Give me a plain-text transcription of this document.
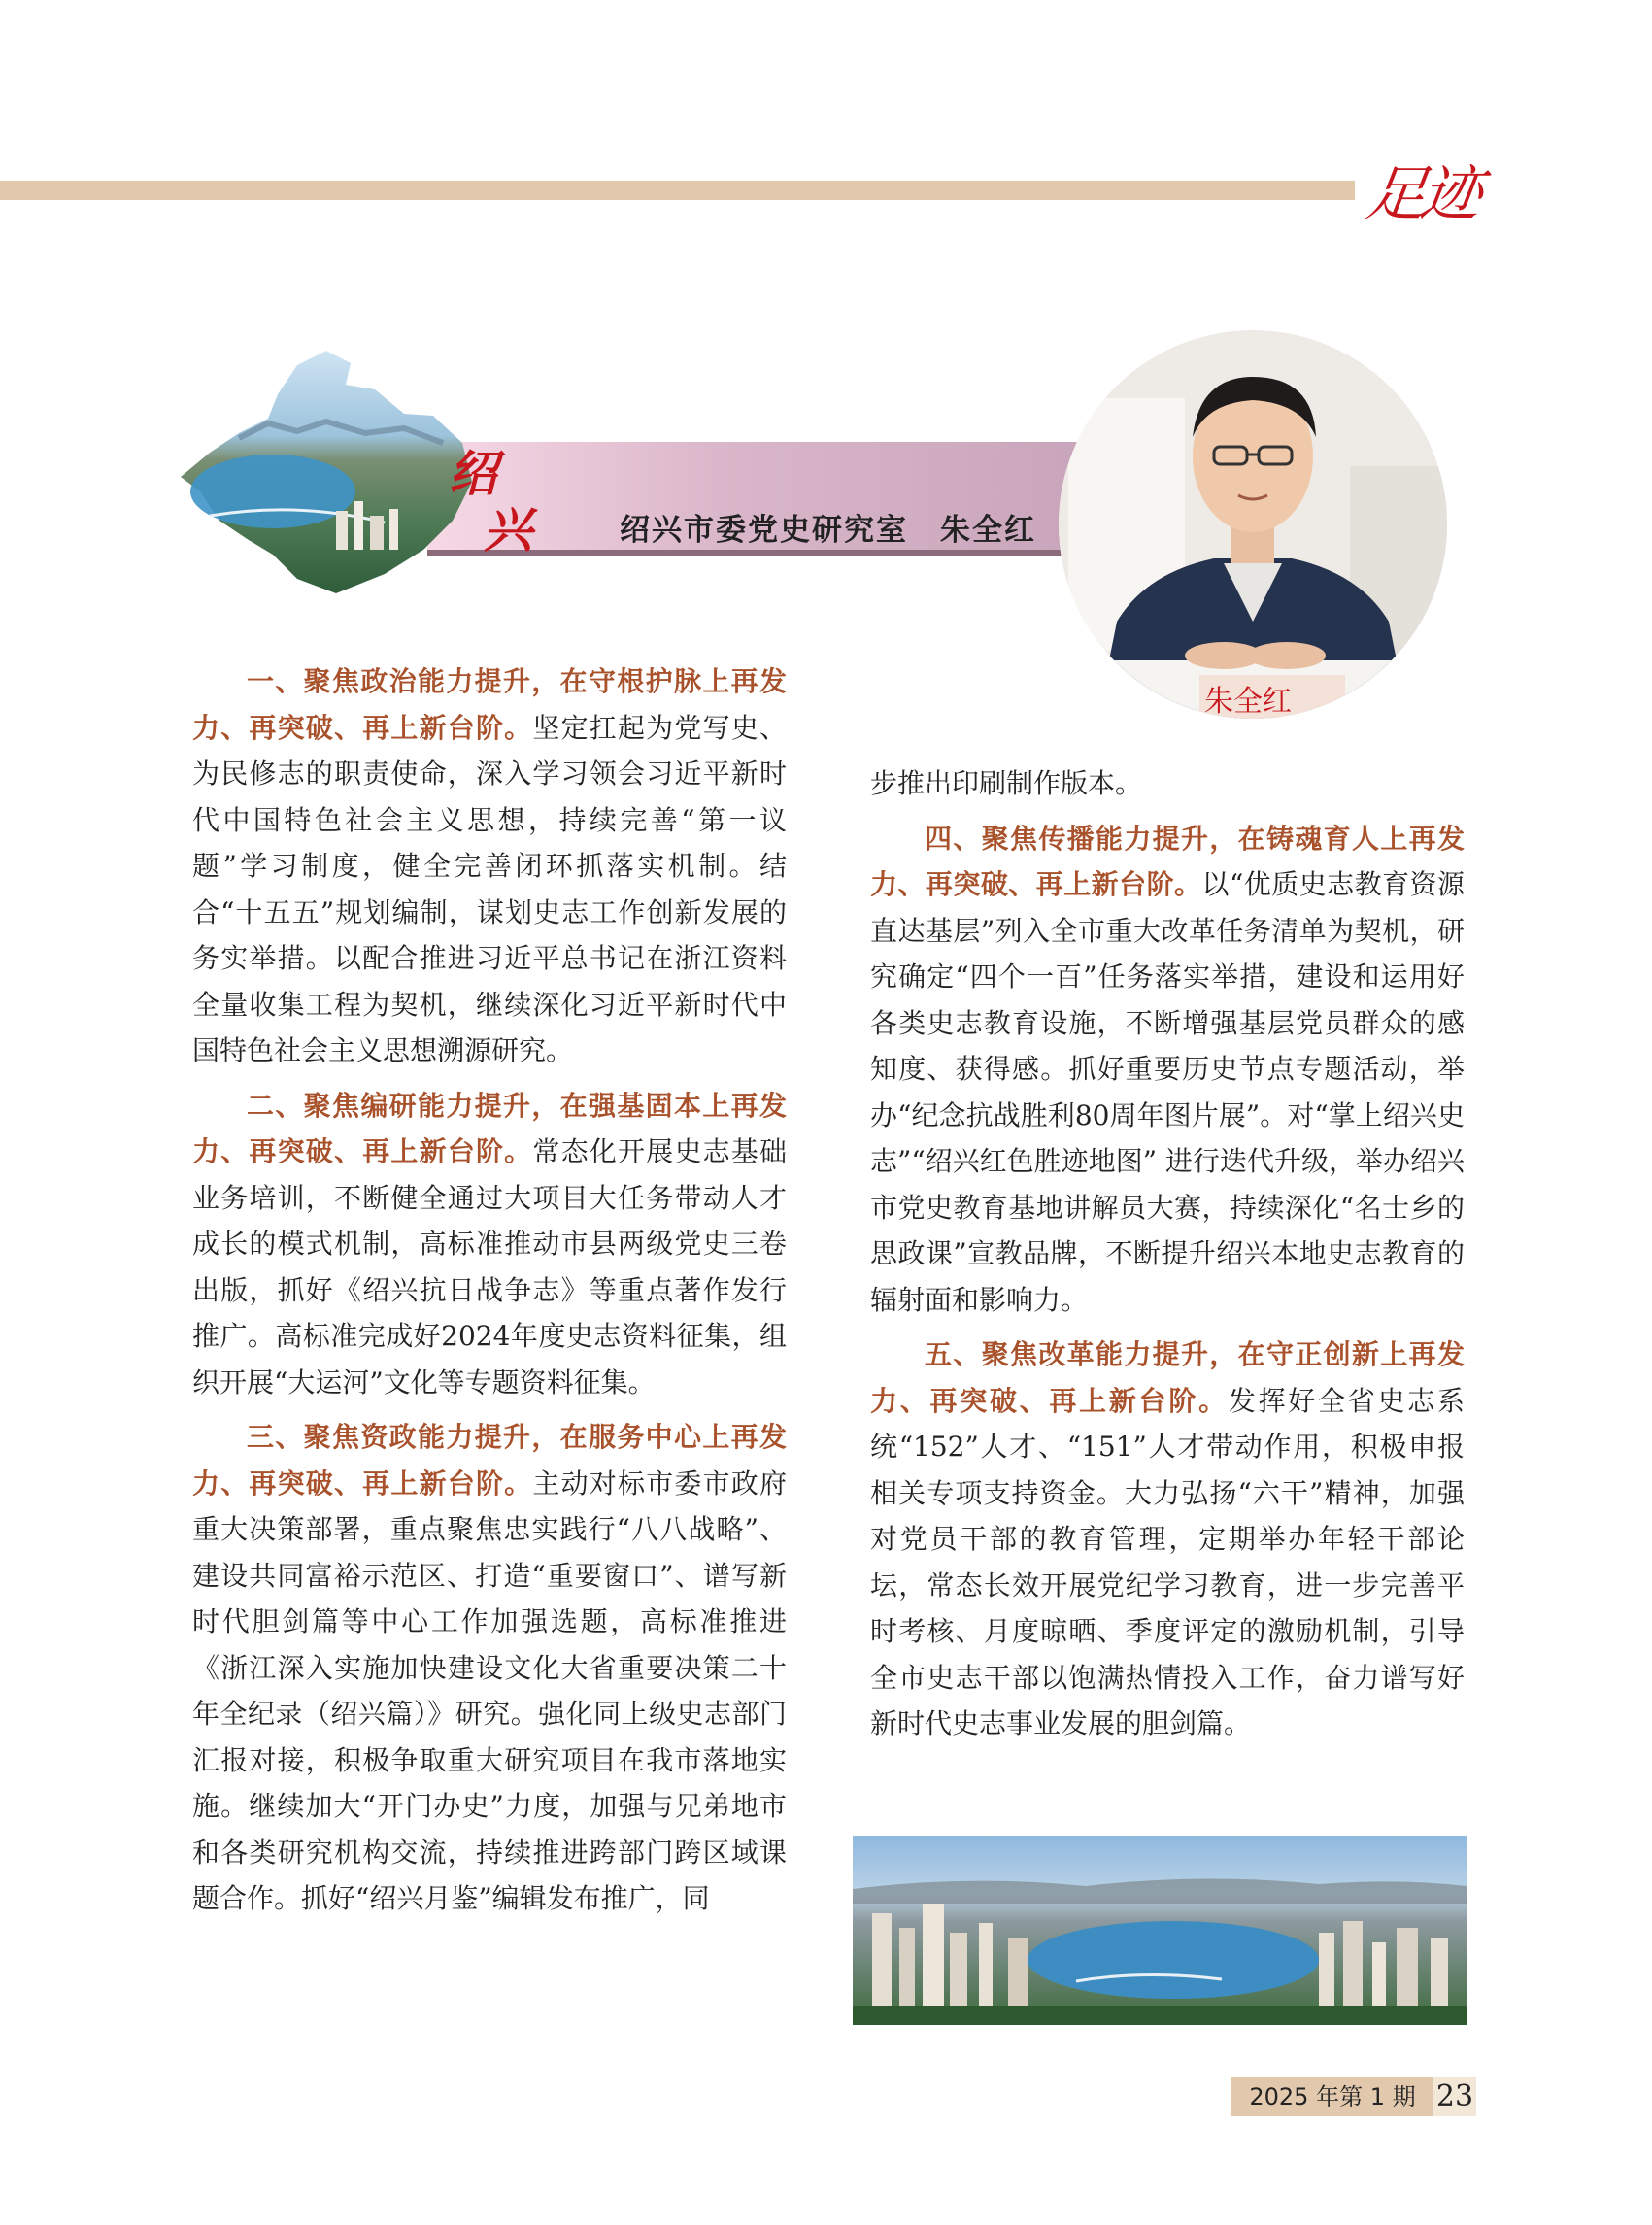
足迹
绍
兴	绍兴市委党史研究室　朱全红
朱全红

一、聚焦政治能力提升，在守根护脉上再发力、再突破、再上新台阶。坚定扛起为党写史、为民修志的职责使命，深入学习领会习近平新时代中国特色社会主义思想，持续完善“第一议题”学习制度，健全完善闭环抓落实机制。结合“十五五”规划编制，谋划史志工作创新发展的务实举措。以配合推进习近平总书记在浙江资料全量收集工程为契机，继续深化习近平新时代中国特色社会主义思想溯源研究。

二、聚焦编研能力提升，在强基固本上再发力、再突破、再上新台阶。常态化开展史志基础业务培训，不断健全通过大项目大任务带动人才成长的模式机制，高标准推动市县两级党史三卷出版，抓好《绍兴抗日战争志》等重点著作发行推广。高标准完成好2024年度史志资料征集，组织开展“大运河”文化等专题资料征集。

三、聚焦资政能力提升，在服务中心上再发力、再突破、再上新台阶。主动对标市委市政府重大决策部署，重点聚焦忠实践行“八八战略”、建设共同富裕示范区、打造“重要窗口”、谱写新时代胆剑篇等中心工作加强选题，高标准推进《浙江深入实施加快建设文化大省重要决策二十年全纪录（绍兴篇）》研究。强化同上级史志部门汇报对接，积极争取重大研究项目在我市落地实施。继续加大“开门办史”力度，加强与兄弟地市和各类研究机构交流，持续推进跨部门跨区域课题合作。抓好“绍兴月鉴”编辑发布推广，同

步推出印刷制作版本。

四、聚焦传播能力提升，在铸魂育人上再发力、再突破、再上新台阶。以“优质史志教育资源直达基层”列入全市重大改革任务清单为契机，研究确定“四个一百”任务落实举措，建设和运用好各类史志教育设施，不断增强基层党员群众的感知度、获得感。抓好重要历史节点专题活动，举办“纪念抗战胜利80周年图片展”。对“掌上绍兴史志”“绍兴红色胜迹地图” 进行迭代升级，举办绍兴市党史教育基地讲解员大赛，持续深化“名士乡的思政课”宣教品牌，不断提升绍兴本地史志教育的辐射面和影响力。

五、聚焦改革能力提升，在守正创新上再发力、再突破、再上新台阶。发挥好全省史志系统“152”人才、“151”人才带动作用，积极申报相关专项支持资金。大力弘扬“六干”精神，加强对党员干部的教育管理，定期举办年轻干部论坛，常态长效开展党纪学习教育，进一步完善平时考核、月度晾晒、季度评定的激励机制，引导全市史志干部以饱满热情投入工作，奋力谱写好新时代史志事业发展的胆剑篇。

2025 年第 1 期 23
